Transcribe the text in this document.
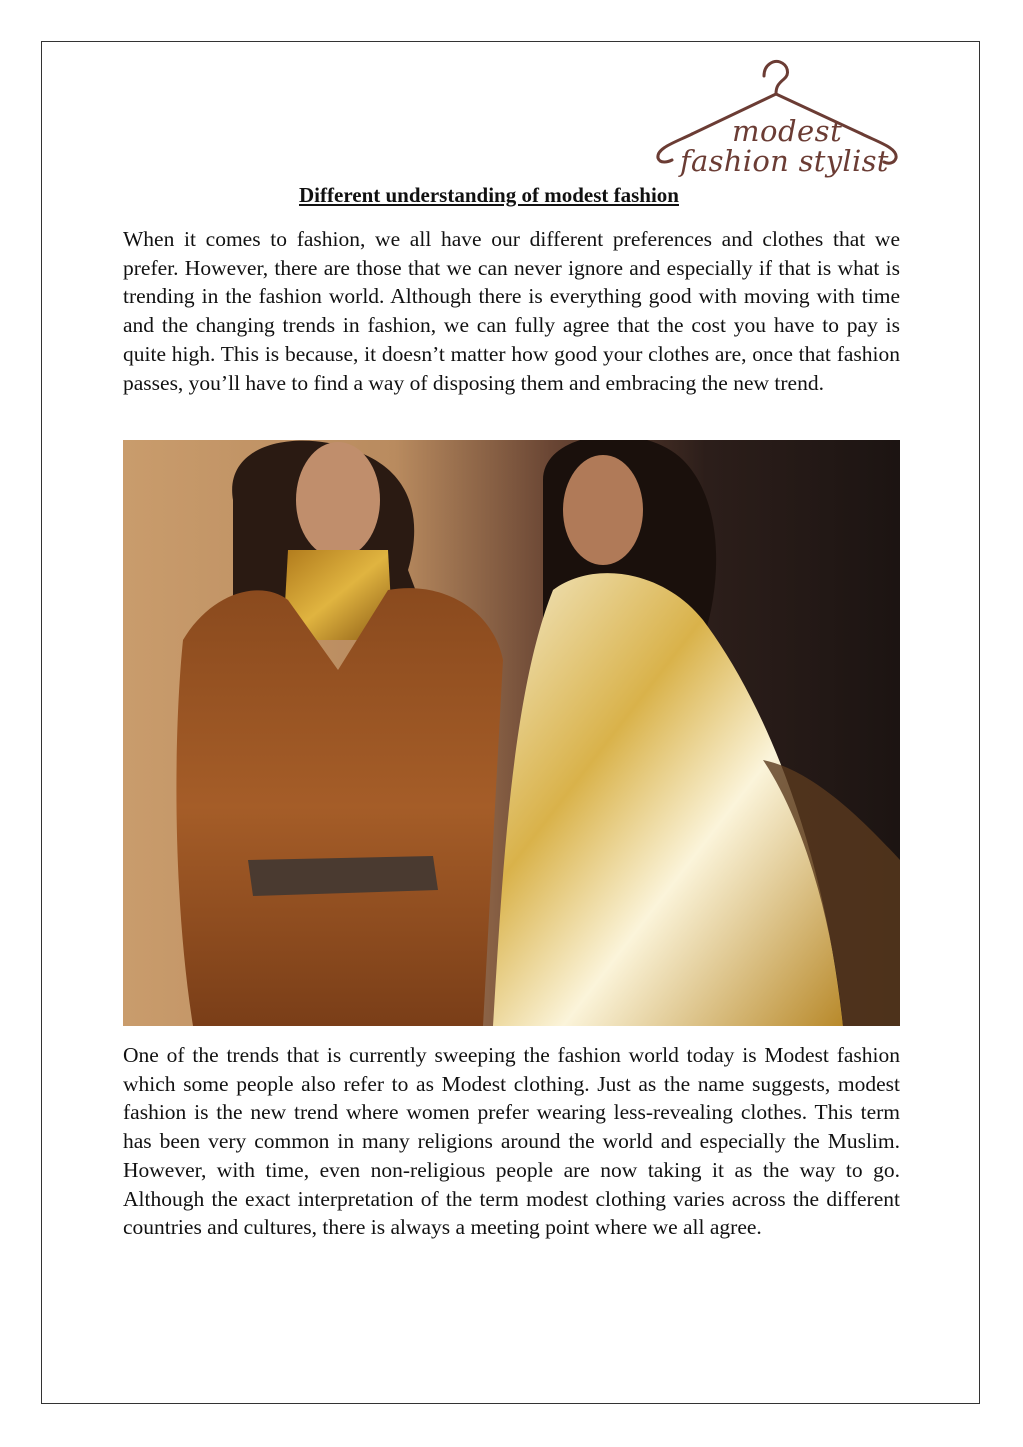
modest
fashion stylist
Different understanding of modest fashion

When it comes to fashion, we all have our different preferences and clothes that we prefer. However, there are those that we can never ignore and especially if that is what is trending in the fashion world. Although there is everything good with moving with time and the changing trends in fashion, we can fully agree that the cost you have to pay is quite high. This is because, it doesn’t matter how good your clothes are, once that fashion passes, you’ll have to find a way of disposing them and embracing the new trend.

One of the trends that is currently sweeping the fashion world today is Modest fashion which some people also refer to as Modest clothing. Just as the name suggests, modest fashion is the new trend where women prefer wearing less-revealing clothes. This term has been very common in many religions around the world and especially the Muslim. However, with time, even non-religious people are now taking it as the way to go. Although the exact interpretation of the term modest clothing varies across the different countries and cultures, there is always a meeting point where we all agree.
